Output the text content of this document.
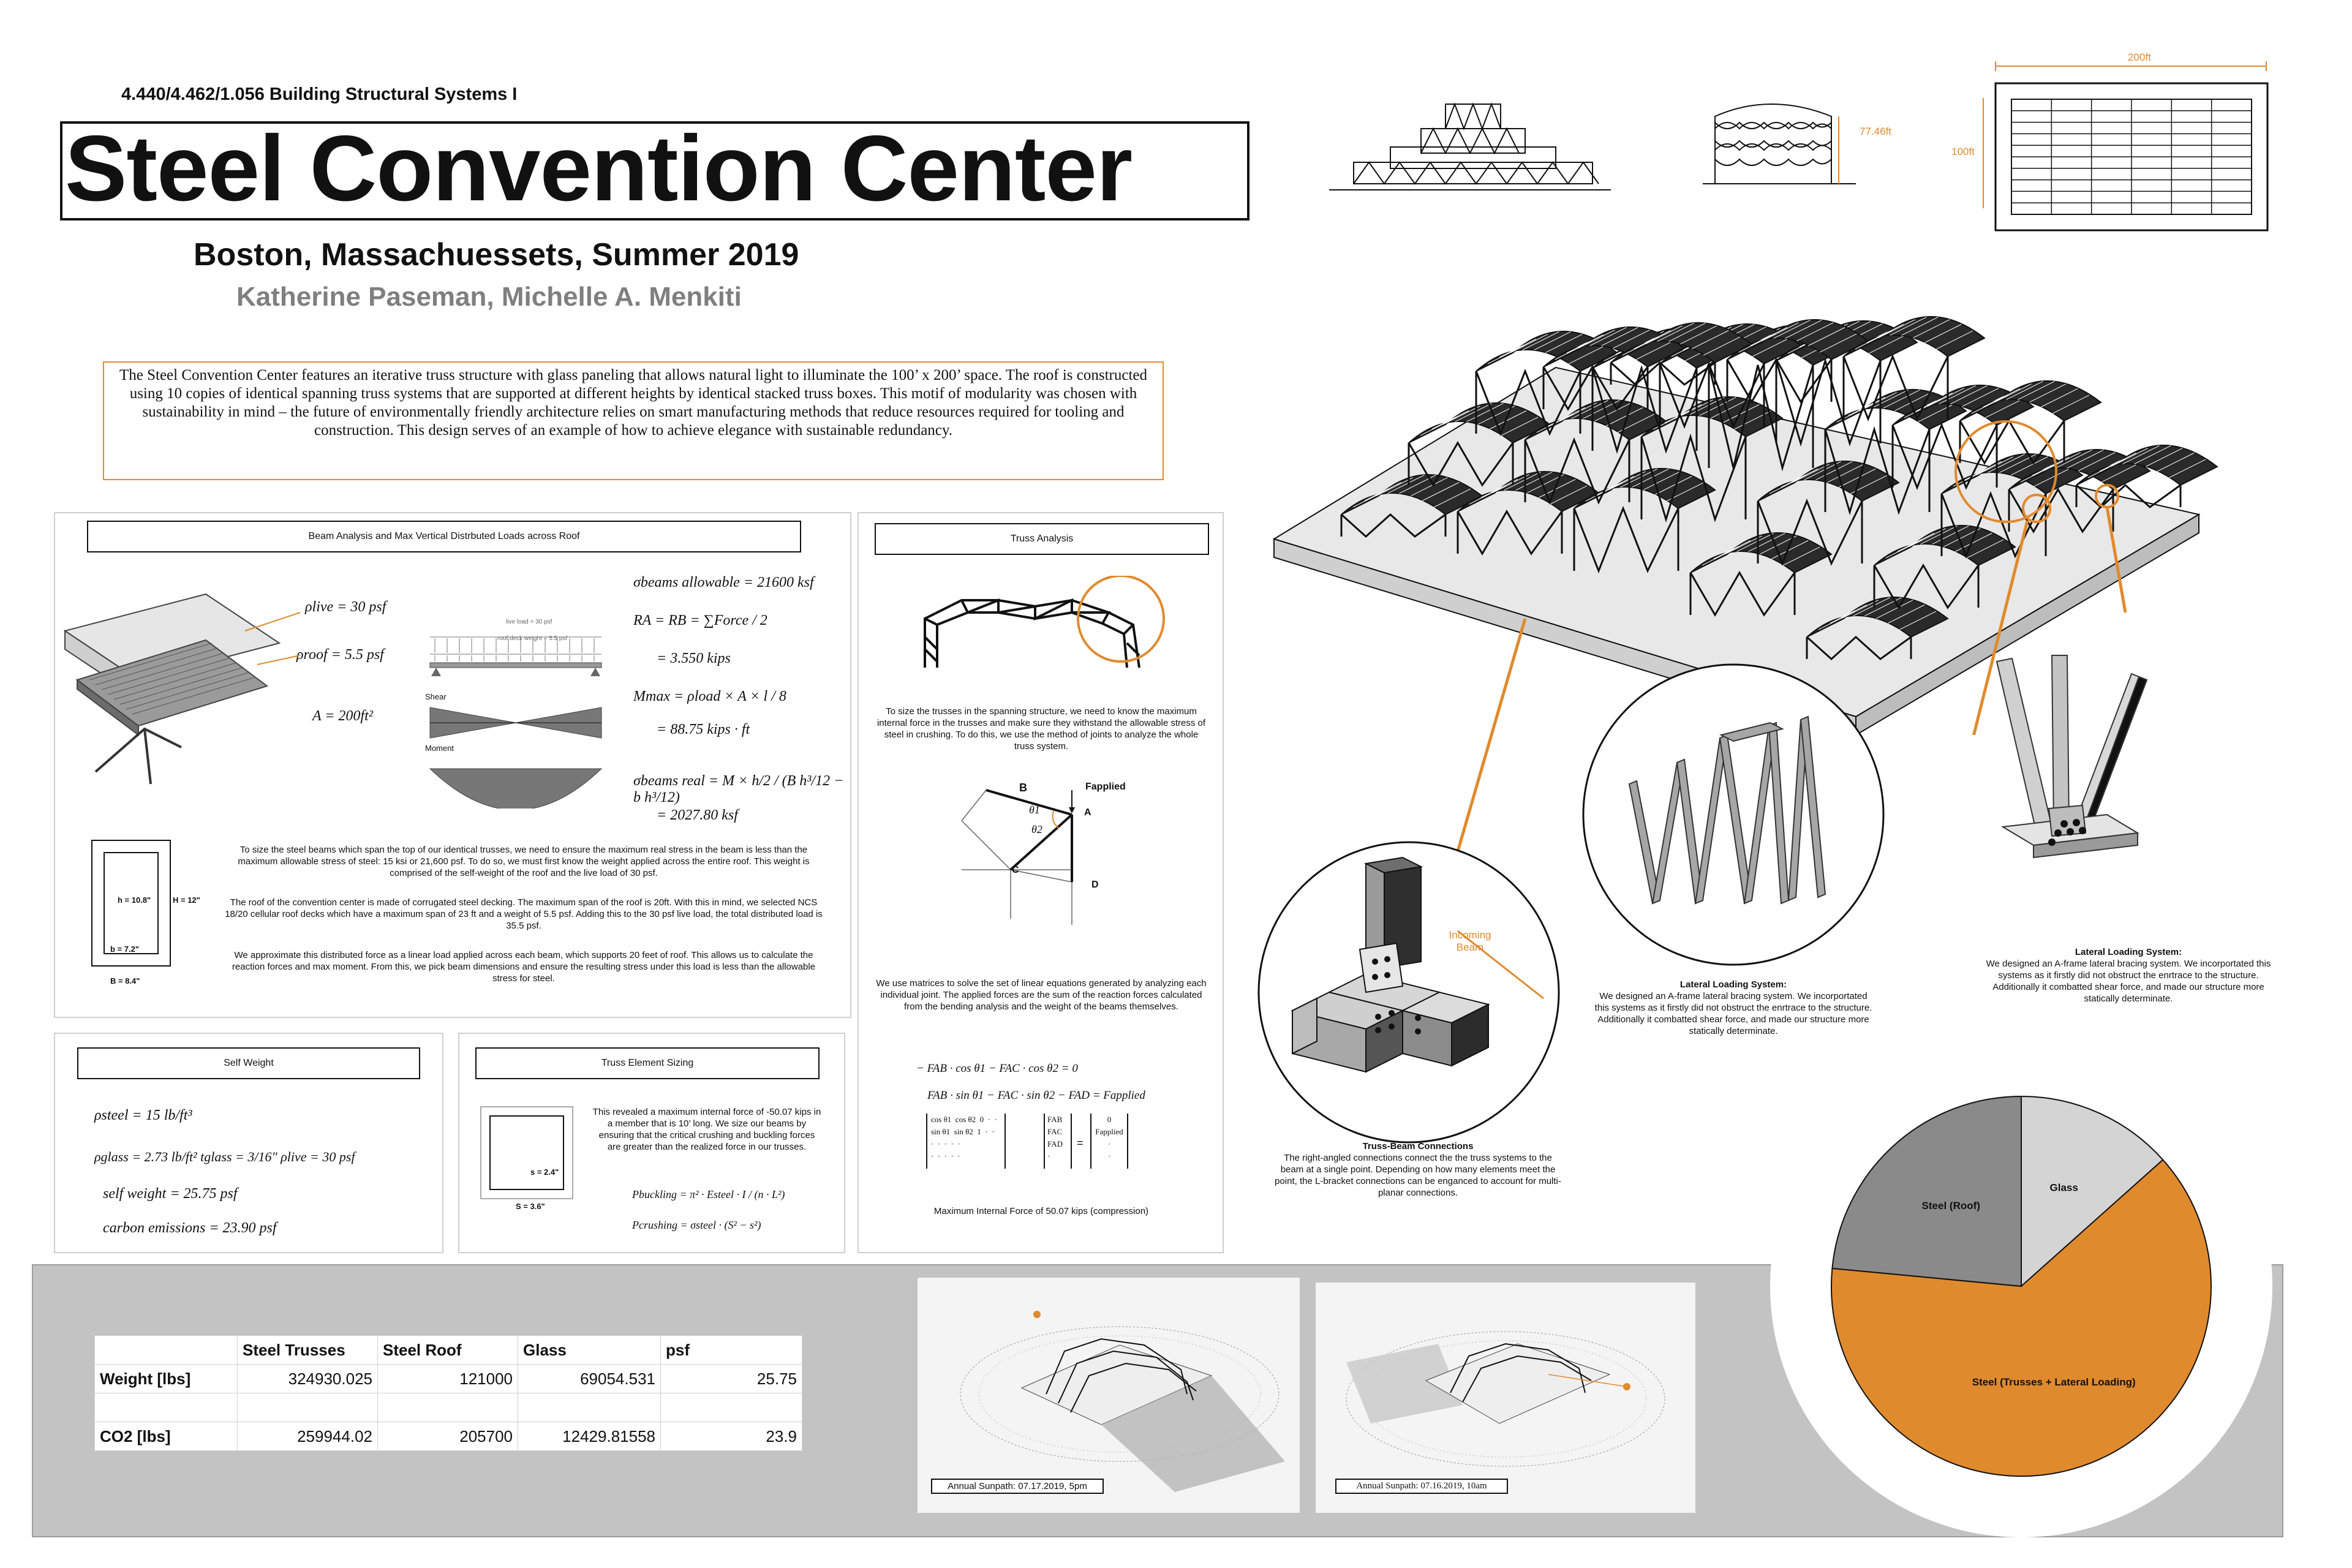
4.440/4.462/1.056 Building Structural Systems I
Steel Convention Center
Boston, Massachuessets, Summer 2019
Katherine Paseman, Michelle A. Menkiti
The Steel Convention Center features an iterative truss structure with glass paneling that allows natural light to illuminate the 100’ x 200’ space. The roof is constructed using 10 copies of identical spanning truss systems that are supported at different heights by identical stacked truss boxes. This motif of modularity was chosen with sustainability in mind – the future of environmentally friendly architecture relies on smart manufacturing methods that reduce resources required for tooling and construction. This design serves of an example of how to achieve elegance with sustainable redundancy.
77.46ft
200ft
100ft
Incoming Beam
Truss-Beam Connections
The right-angled connections connect the the truss systems to the beam at a single point. Depending on how many elements meet the point, the L-bracket connections can be enganced to account for multi-planar connections.
Lateral Loading System:
We designed an A-frame lateral bracing system. We incorportated this systems as it firstly did not obstruct the enrtrace to the structure. Additionally it combatted shear force, and made our structure more statically determinate.
Lateral Loading System:
We designed an A-frame lateral bracing system. We incorportated this systems as it firstly did not obstruct the enrtrace to the structure. Additionally it combatted shear force, and made our structure more statically determinate.
Beam Analysis and Max Vertical Distrbuted Loads across Roof
ρlive = 30 psf
ρroof = 5.5 psf
A = 200ft²
live load = 30 psf
roof deck weight = 5.5 psf
Shear
Moment
σbeams allowable = 21600 ksf
RA = RB = ∑Force / 2
= 3.550 kips
Mmax = ρload × A × l / 8
= 88.75 kips · ft
σbeams real = M × h/2 / (B h³/12 − b h³/12)
= 2027.80 ksf
h = 10.8"	H = 12"
b = 7.2"
B = 8.4"
To size the steel beams which span the top of our identical trusses, we need to ensure the maximum real stress in the beam is less than the maximum allowable stress of steel: 15 ksi or 21,600 psf. To do so, we must first know the weight applied across the entire roof. This weight is comprised of the self-weight of the roof and the live load of 30 psf.
The roof of the convention center is made of corrugated steel decking. The maximum span of the roof is 20ft. With this in mind, we selected NCS 18/20 cellular roof decks which have a maximum span of 23 ft and a weight of 5.5 psf. Adding this to the 30 psf live load, the total distributed load is 35.5 psf.
We approximate this distributed force as a linear load applied across each beam, which supports 20 feet of roof. This allows us to calculate the reaction forces and max moment. From this, we pick beam dimensions and ensure the resulting stress under this load is less than the allowable stress for steel.
Truss Analysis
To size the trusses in the spanning structure, we need to know the maximum internal force in the trusses and make sure they withstand the allowable stress of steel in crushing. To do this, we use the method of joints to analyze the whole truss system.
B	Fapplied
A
C
D
θ1
θ2
We use matrices to solve the set of linear equations generated by analyzing each individual joint. The applied forces are the sum of the reaction forces calculated from the bending analysis and the weight of the beams themselves.
− FAB · cos θ1 − FAC · cos θ2 = 0
FAB · sin θ1 − FAC · sin θ2 − FAD = Fapplied
cos θ1  cos θ2  0  ·  ·
sin θ1  sin θ2  1  ·  ·
·  ·  ·  ·  ·
·  ·  ·  ·  ·
FAB
FAC
FAD
·
=
0
Fapplied
·
·
Maximum Internal Force of 50.07 kips (compression)
Self Weight
ρsteel = 15 lb/ft³
ρglass = 2.73 lb/ft² tglass = 3/16" ρlive = 30 psf
self weight = 25.75 psf
carbon emissions = 23.90 psf
Truss Element Sizing
s = 2.4"
S = 3.6"
This revealed a maximum internal force of -50.07 kips in a member that is 10’ long. We size our beams by ensuring that the critical crushing and buckling forces are greater than the realized force in our trusses.
Pbuckling = π² · Esteel · I / (n · L²)
Pcrushing = σsteel · (S² − s²)
	Steel Trusses	Steel Roof	Glass	psf
Weight [lbs]	324930.025	121000	69054.531	25.75

CO2 [lbs]	259944.02	205700	12429.81558	23.9
Annual Sunpath: 07.17.2019, 5pm	Annual Sunpath: 07.16.2019, 10am
Glass
Steel (Trusses + Lateral Loading)
Steel (Roof)
